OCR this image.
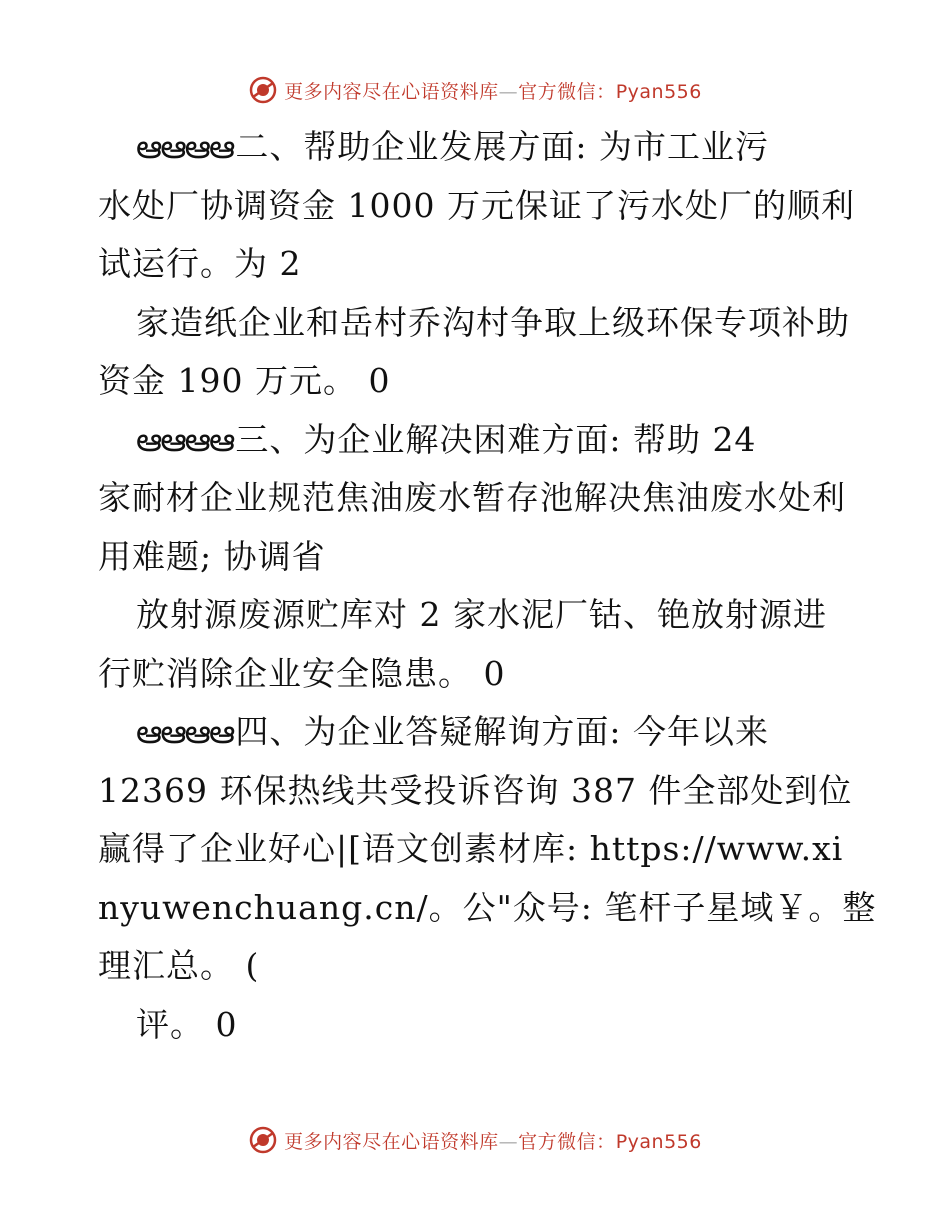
更多内容尽在心语资料库—官方微信：Pyan556
ఆఆఆఆ二、帮助企业发展方面: 为市工业污
水处厂协调资金 1000 万元保证了污水处厂的顺利
试运行。为 2
家造纸企业和岳村乔沟村争取上级环保专项补助
资金 190 万元。 0
ఆఆఆఆ三、为企业解决困难方面: 帮助 24
家耐材企业规范焦油废水暂存池解决焦油废水处利
用难题; 协调省
放射源废源贮库对 2 家水泥厂钴、铯放射源进
行贮消除企业安全隐患。 0
ఆఆఆఆ四、为企业答疑解询方面: 今年以来
12369 环保热线共受投诉咨询 387 件全部处到位
赢得了企业好心|[语文创素材库: https://www.xi
nyuwenchuang.cn/。公"众号: 笔杆子星域￥。整
理汇总。 (
评。 0
更多内容尽在心语资料库—官方微信：Pyan556
